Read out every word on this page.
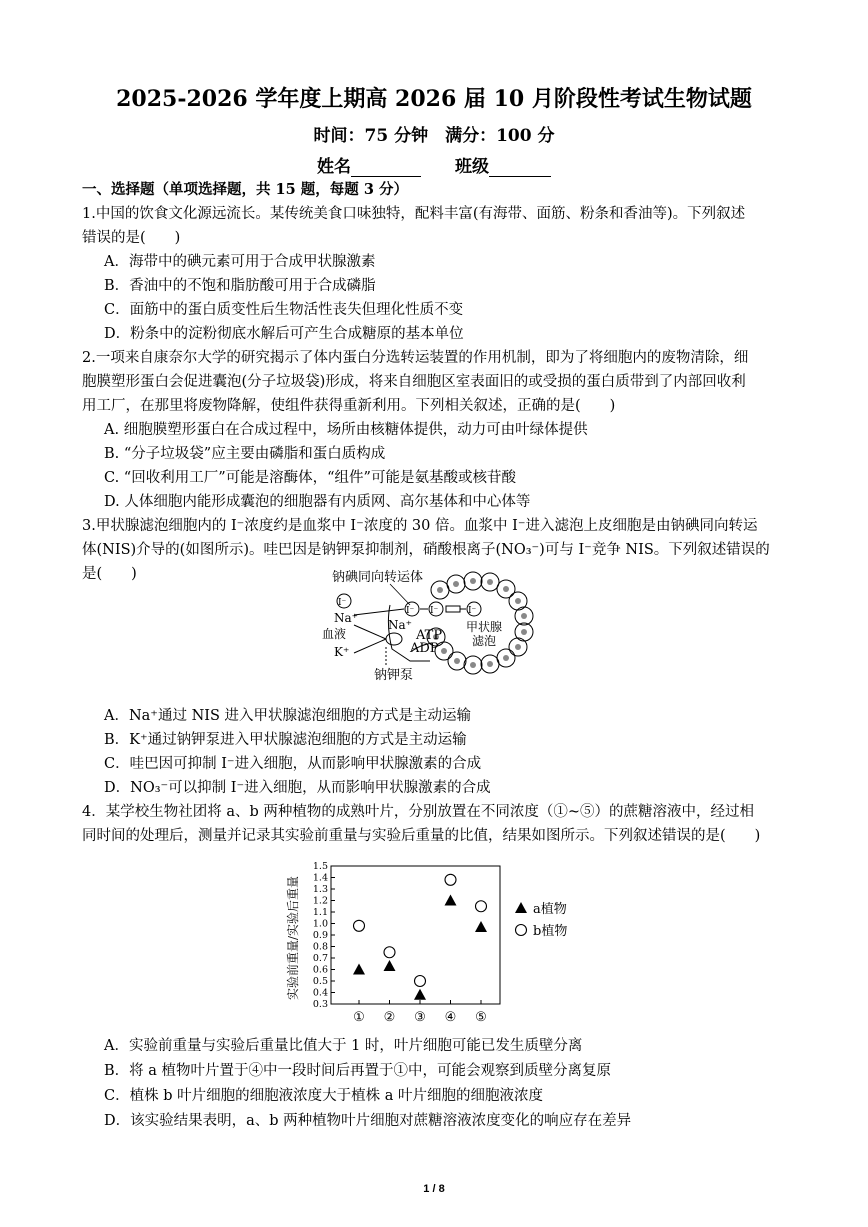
2025-2026 学年度上期高 2026 届 10 月阶段性考试生物试题
时间：75 分钟　满分：100 分
姓名	班级
一、选择题（单项选择题，共 15 题，每题 3 分）
1.中国的饮食文化源远流长。某传统美食口味独特，配料丰富(有海带、面筋、粉条和香油等)。下列叙述
错误的是(　　)
A．海带中的碘元素可用于合成甲状腺激素
B．香油中的不饱和脂肪酸可用于合成磷脂
C．面筋中的蛋白质变性后生物活性丧失但理化性质不变
D．粉条中的淀粉彻底水解后可产生合成糖原的基本单位
2.一项来自康奈尔大学的研究揭示了体内蛋白分选转运装置的作用机制，即为了将细胞内的废物清除，细
胞膜塑形蛋白会促进囊泡(分子垃圾袋)形成，将来自细胞区室表面旧的或受损的蛋白质带到了内部回收利
用工厂，在那里将废物降解，使组件获得重新利用。下列相关叙述，正确的是(　　)
A. 细胞膜塑形蛋白在合成过程中，场所由核糖体提供，动力可由叶绿体提供
B. “分子垃圾袋”应主要由磷脂和蛋白质构成
C. “回收利用工厂”可能是溶酶体，“组件”可能是氨基酸或核苷酸
D. 人体细胞内能形成囊泡的细胞器有内质网、高尔基体和中心体等
3.甲状腺滤泡细胞内的 I⁻浓度约是血浆中 I⁻浓度的 30 倍。血浆中 I⁻进入滤泡上皮细胞是由钠碘同向转运
体(NIS)介导的(如图所示)。哇巴因是钠钾泵抑制剂，硝酸根离子(NO₃⁻)可与 I⁻竞争 NIS。下列叙述错误的
是(　　)	钠碘同向转运体
I⁻
Na⁺
血液
K⁺
I⁻
Na⁺
I⁻	I⁻
ATP
ADP
甲状腺
滤泡
钠钾泵
A．Na⁺通过 NIS 进入甲状腺滤泡细胞的方式是主动运输
B．K⁺通过钠钾泵进入甲状腺滤泡细胞的方式是主动运输
C．哇巴因可抑制 I⁻进入细胞，从而影响甲状腺激素的合成
D．NO₃⁻可以抑制 I⁻进入细胞，从而影响甲状腺激素的合成
4．某学校生物社团将 a、b 两种植物的成熟叶片，分别放置在不同浓度（①~⑤）的蔗糖溶液中，经过相
同时间的处理后，测量并记录其实验前重量与实验后重量的比值，结果如图所示。下列叙述错误的是(　　)
实验前重量/实验后重量
0.3
0.4
0.5
0.6
0.7
0.8
0.9
1.0
1.1
1.2
1.3
1.4
1.5
① ② ③ ④ ⑤
a植物
b植物
A．实验前重量与实验后重量比值大于 1 时，叶片细胞可能已发生质壁分离
B．将 a 植物叶片置于④中一段时间后再置于①中，可能会观察到质壁分离复原
C．植株 b 叶片细胞的细胞液浓度大于植株 a 叶片细胞的细胞液浓度
D．该实验结果表明，a、b 两种植物叶片细胞对蔗糖溶液浓度变化的响应存在差异
1 / 8
